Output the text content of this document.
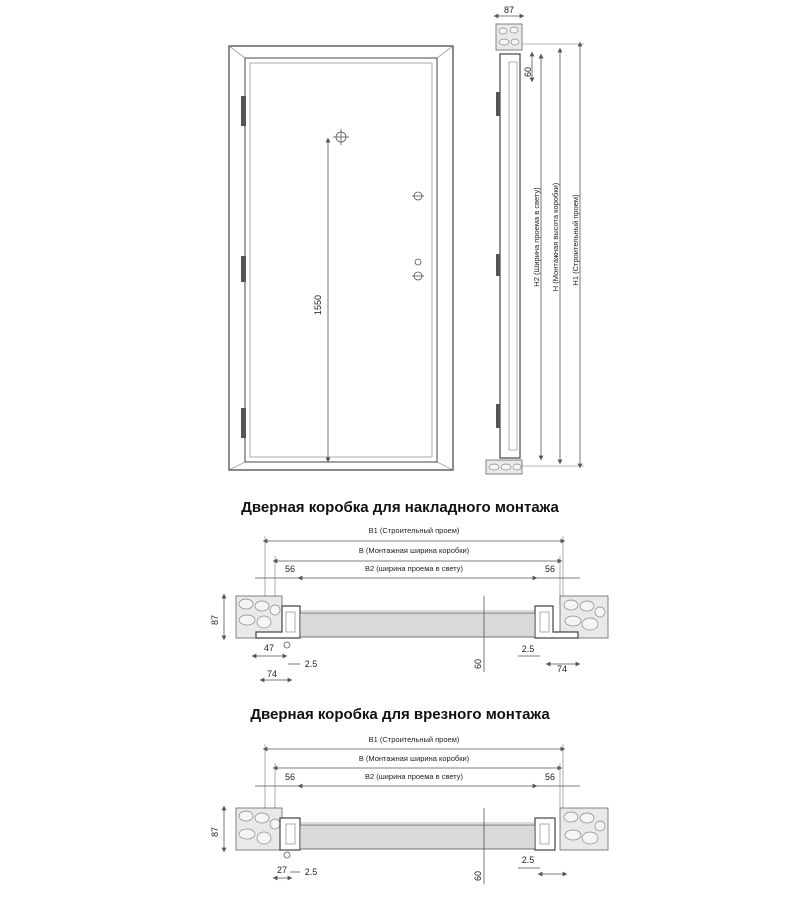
1550
87
60
H2 (Ширина проема в свету) H (Монтажная высота коробки) H1 (Строительный проем)
Дверная коробка для накладного монтажа
B1 (Строительный проем)
B (Монтажная ширина коробки)
B2 (ширина проема в свету)
56	56
87
47
2.5
74
60
2.5
74
Дверная коробка для врезного монтажа
B1 (Строительный проем)
B (Монтажная ширина коробки)
B2 (ширина проема в свету)
56	56
87
27 2.5	60
2.5
